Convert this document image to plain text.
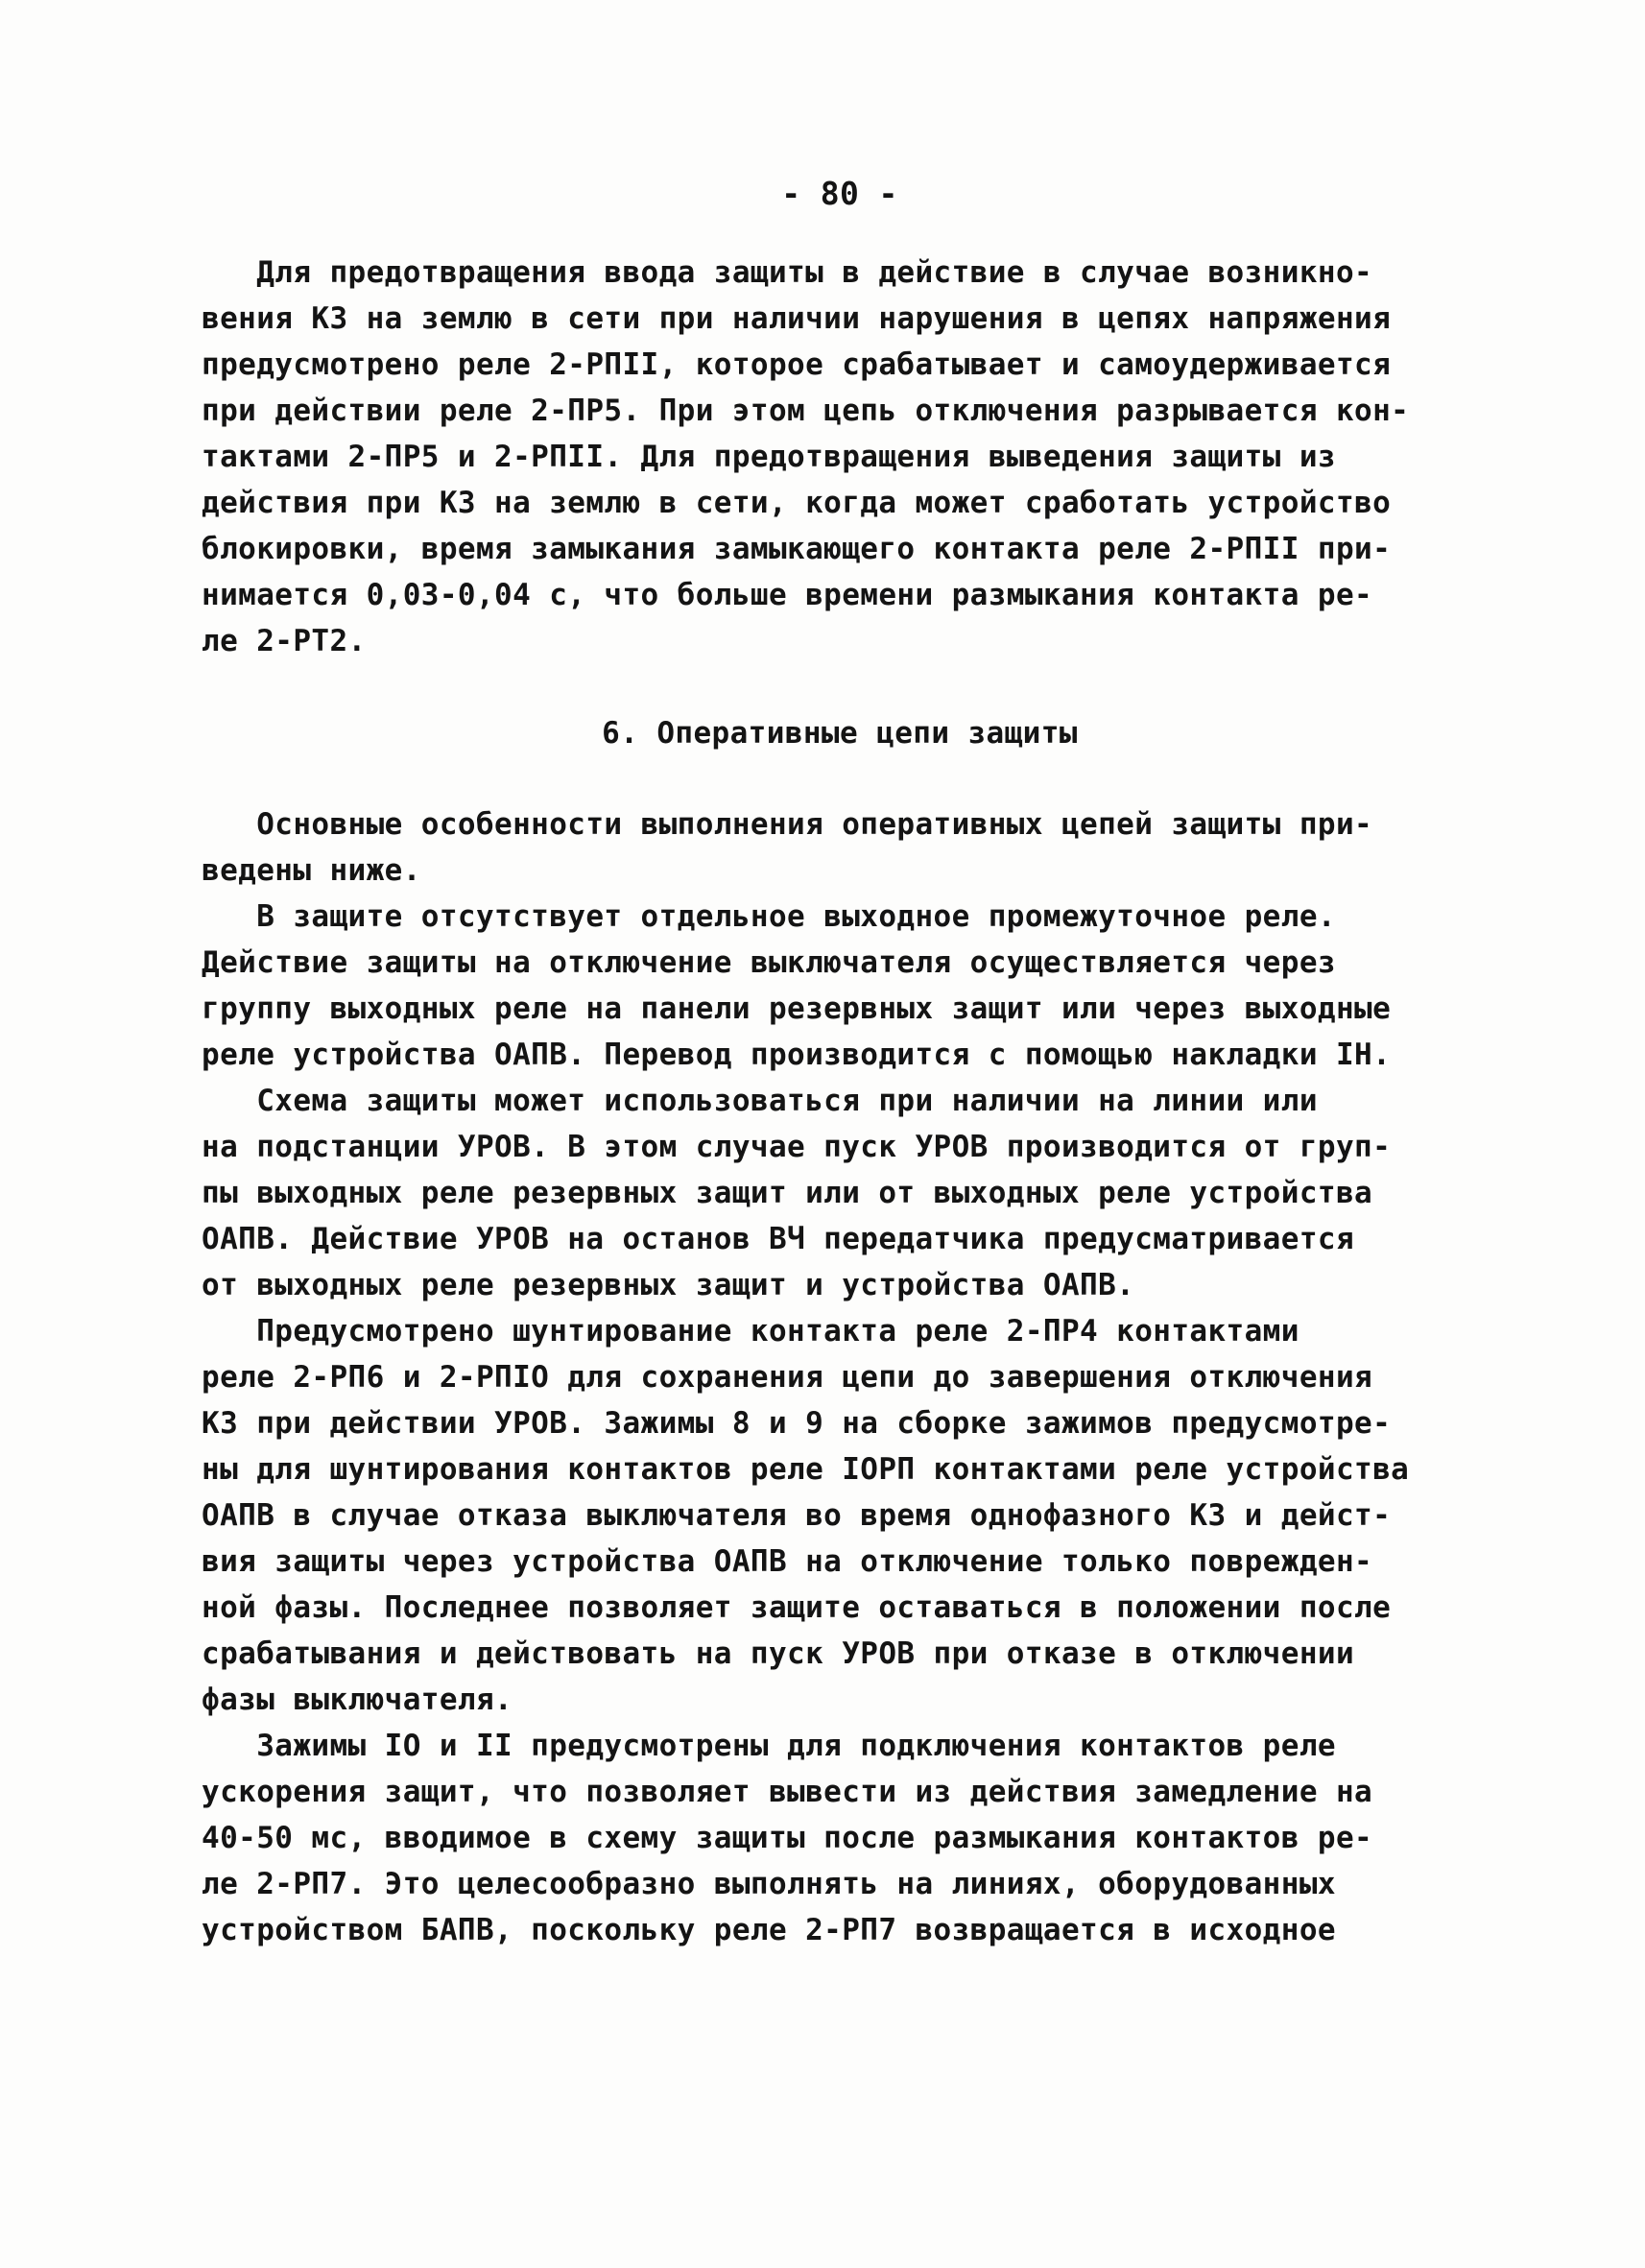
- 80 -
Для предотвращения ввода защиты в действие в случае возникно-
вения КЗ на землю в сети при наличии нарушения в цепях напряжения
предусмотрено реле 2-РПII, которое срабатывает и самоудерживается
при действии реле 2-ПР5. При этом цепь отключения разрывается кон-
тактами 2-ПР5 и 2-РПII. Для предотвращения выведения защиты из
действия при КЗ на землю в сети, когда может сработать устройство
блокировки, время замыкания замыкающего контакта реле 2-РПII при-
нимается 0,03-0,04 с, что больше времени размыкания контакта ре-
ле 2-РТ2.
6. Оперативные цепи защиты
Основные особенности выполнения оперативных цепей защиты при-
ведены ниже.
В защите отсутствует отдельное выходное промежуточное реле.
Действие защиты на отключение выключателя осуществляется через
группу выходных реле на панели резервных защит или через выходные
реле устройства ОАПВ. Перевод производится с помощью накладки IН.
Схема защиты может использоваться при наличии на линии или
на подстанции УРОВ. В этом случае пуск УРОВ производится от груп-
пы выходных реле резервных защит или от выходных реле устройства
ОАПВ. Действие УРОВ на останов ВЧ передатчика предусматривается
от выходных реле резервных защит и устройства ОАПВ.
Предусмотрено шунтирование контакта реле 2-ПР4 контактами
реле 2-РП6 и 2-РПIO для сохранения цепи до завершения отключения
КЗ при действии УРОВ. Зажимы 8 и 9 на сборке зажимов предусмотре-
ны для шунтирования контактов реле IOРП контактами реле устройства
ОАПВ в случае отказа выключателя во время однофазного КЗ и дейст-
вия защиты через устройства ОАПВ на отключение только поврежден-
ной фазы. Последнее позволяет защите оставаться в положении после
срабатывания и действовать на пуск УРОВ при отказе в отключении
фазы выключателя.
Зажимы IO и II предусмотрены для подключения контактов реле
ускорения защит, что позволяет вывести из действия замедление на
40-50 мс, вводимое в схему защиты после размыкания контактов ре-
ле 2-РП7. Это целесообразно выполнять на линиях, оборудованных
устройством БАПВ, поскольку реле 2-РП7 возвращается в исходное
